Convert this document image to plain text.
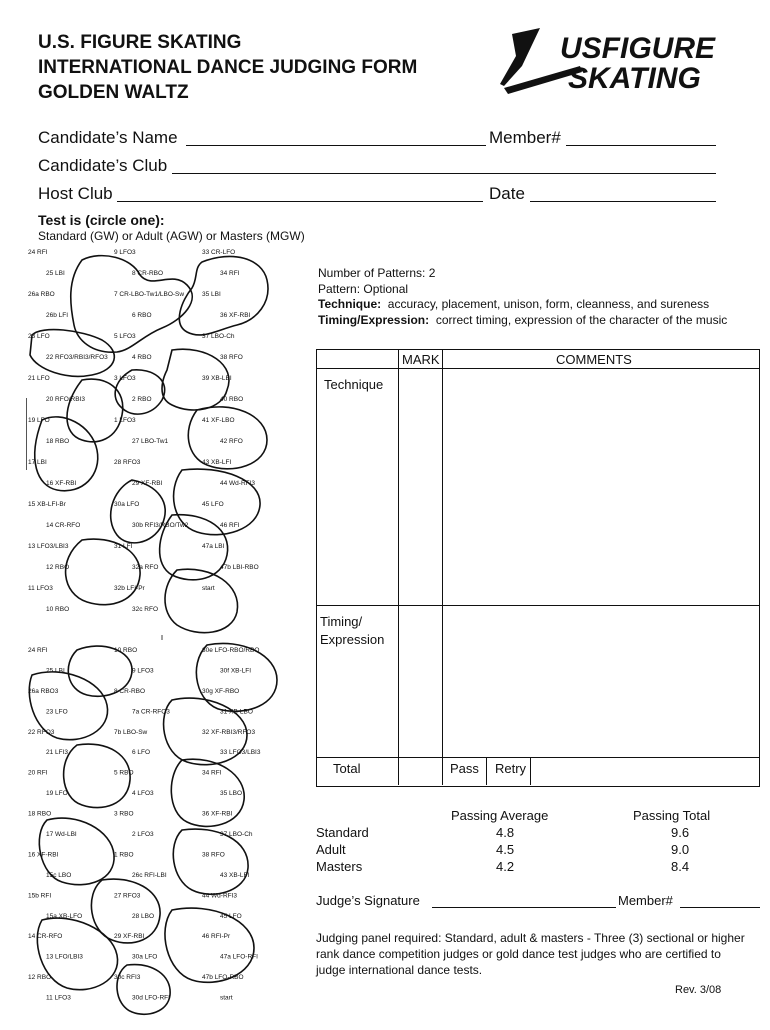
U.S. FIGURE SKATING
INTERNATIONAL DANCE JUDGING FORM
GOLDEN WALTZ
USFIGURE
SKATING
Candidate’s Name	Member#
Candidate’s Club
Host Club	Date
Test is (circle one):
Standard (GW) or Adult (AGW) or Masters (MGW)
Number of Patterns: 2
Pattern: Optional
Technique: accuracy, placement, unison, form, cleanness, and sureness
Timing/Expression: correct timing, expression of the character of the music
MARK	COMMENTS
Technique
Timing/
Expression
Total	Pass Retry
Passing Average	Passing Total
Standard	4.8	9.6
Adult	4.5	9.0
Masters	4.2	8.4
Judge’s Signature	Member#
Judging panel required: Standard, adult & masters - Three (3) sectional or higher rank dance competition judges or gold dance test judges who are certified to judge international dance tests.
Rev. 3/08
24 RFI
25 LBI
26a RBO
26b LFI
23 LFO
22 RFO3/RBI3/RFO3
21 LFO
20 RFO/RBI3
19 LFO
18 RBO
17 LBI
16 XF-RBI
15 XB-LFI-Br
14 CR-RFO
13 LFO3/LBI3
12 RBO
11 LFO3
10 RBO
9 LFO3
8 CR-RBO
7 CR-LBO-Tw1/LBO-Sw
6 RBO
5 LFO3
4 RBO
3 LFO3
2 RBO
1 LFO3
27 LBO-Tw1
28 RFO3
29 XF-RBI
30a LFO
30b RFI3/RBO/Tw2
31 LFI
32a RFO
32b LFI-Pr
32c RFO
33 CR-LFO
34 RFI
35 LBI
36 XF-RBI
37 LBO-Ch
38 RFO
39 XB-LBI
40 RBO
41 XF-LBO
42 RFO
43 XB-LFI
44 Wd-RFI3
45 LFO
46 RFI
47a LBI
47b LBI-RBO
start
24 RFI
25 LBI
26a RBO3
23 LFO
22 RFO3
21 LFI3
20 RFI
19 LFO
18 RBO
17 Wd-LBI
16 XF-RBI
15c LBO
15b RFI
15a XB-LFO
14 CR-RFO
13 LFO/LBI3
12 RBO
11 LFO3
10 RBO
9 LFO3
8 CR-RBO
7a CR-RFO3
7b LBO-Sw
6 LFO
5 RBO
4 LFO3
3 RBO
2 LFO3
1 RBO
26c RFI-LBI
27 RFO3
28 LBO
29 XF-RBI
30a LFO
30c RFI3
30d LFO-RFI
30e LFO-RBO/RBO
30f XB-LFI
30g XF-RBO
31 XB-LBO
32 XF-RBI3/RFO3
33 LFO3/LBI3
34 RFI
35 LBO
36 XF-RBI
37 LBO-Ch
38 RFO
43 XB-LFI
44 Wd-RFI3
45 LFO
46 RFI-Pr
47a LFO-RFI
47b LFO-RBO
start
